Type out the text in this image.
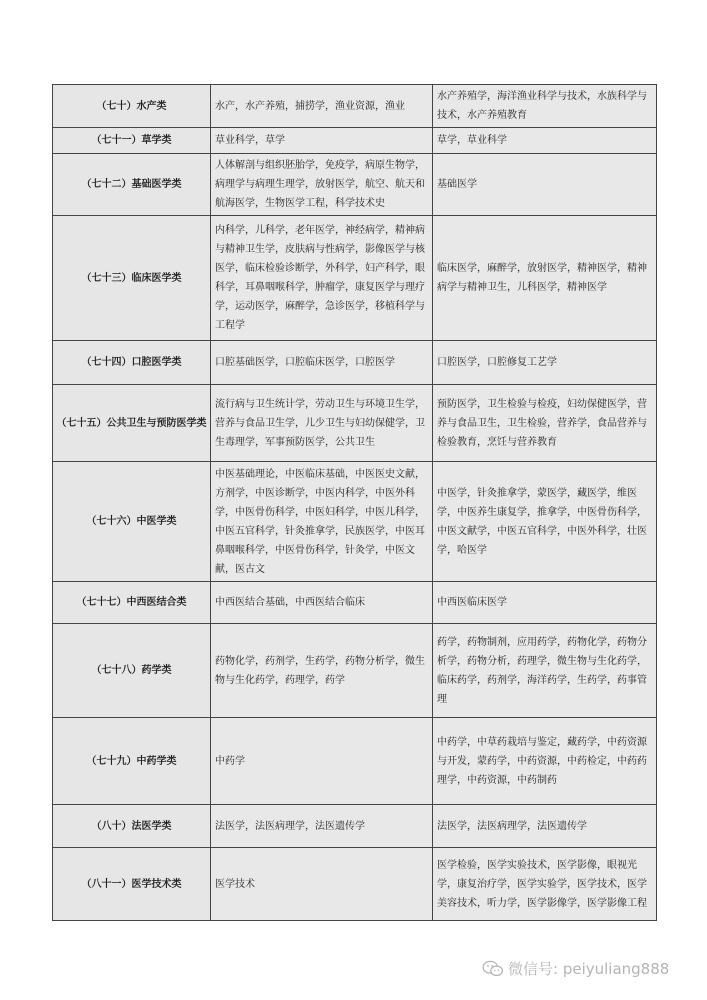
（七十）水产类	水产，水产养殖，捕捞学，渔业资源，渔业	水产养殖学，海洋渔业科学与技术，水族科学与技术，水产养殖教育
（七十一）草学类	草业科学，草学	草学，草业科学
（七十二）基础医学类	人体解剖与组织胚胎学，免疫学，病原生物学，病理学与病理生理学，放射医学，航空、航天和航海医学，生物医学工程，科学技术史	基础医学
（七十三）临床医学类	内科学，儿科学，老年医学，神经病学，精神病与精神卫生学，皮肤病与性病学，影像医学与核医学，临床检验诊断学，外科学，妇产科学，眼科学，耳鼻咽喉科学，肿瘤学，康复医学与理疗学，运动医学，麻醉学，急诊医学，移植科学与工程学	临床医学，麻醉学，放射医学，精神医学，精神病学与精神卫生，儿科医学，精神医学
（七十四）口腔医学类	口腔基础医学，口腔临床医学，口腔医学	口腔医学，口腔修复工艺学
（七十五）公共卫生与预防医学类	流行病与卫生统计学，劳动卫生与环境卫生学，营养与食品卫生学，儿少卫生与妇幼保健学，卫生毒理学，军事预防医学，公共卫生	预防医学，卫生检验与检疫，妇幼保健医学，营养与食品卫生，卫生检验，营养学，食品营养与检验教育，烹饪与营养教育
（七十六）中医学类	中医基础理论，中医临床基础，中医医史文献，方剂学，中医诊断学，中医内科学，中医外科学，中医骨伤科学，中医妇科学，中医儿科学，中医五官科学，针灸推拿学，民族医学，中医耳鼻咽喉科学，中医骨伤科学，针灸学，中医文献，医古文	中医学，针灸推拿学，蒙医学，藏医学，维医学，中医养生康复学，推拿学，中医骨伤科学，中医文献学，中医五官科学，中医外科学，壮医学，哈医学
（七十七）中西医结合类	中西医结合基础，中西医结合临床	中西医临床医学
（七十八）药学类	药物化学，药剂学，生药学，药物分析学，微生物与生化药学，药理学，药学	药学，药物制剂，应用药学，药物化学，药物分析学，药物分析，药理学，微生物与生化药学，临床药学，药剂学，海洋药学，生药学，药事管理
（七十九）中药学类	中药学	中药学，中草药栽培与鉴定，藏药学，中药资源与开发，蒙药学，中药资源，中药检定，中药药理学，中药资源，中药制药
（八十）法医学类	法医学，法医病理学，法医遗传学	法医学，法医病理学，法医遗传学
（八十一）医学技术类	医学技术	医学检验，医学实验技术，医学影像，眼视光学，康复治疗学，医学实验学，医学技术，医学美容技术，听力学，医学影像学，医学影像工程
微信号: peiyuliang888
